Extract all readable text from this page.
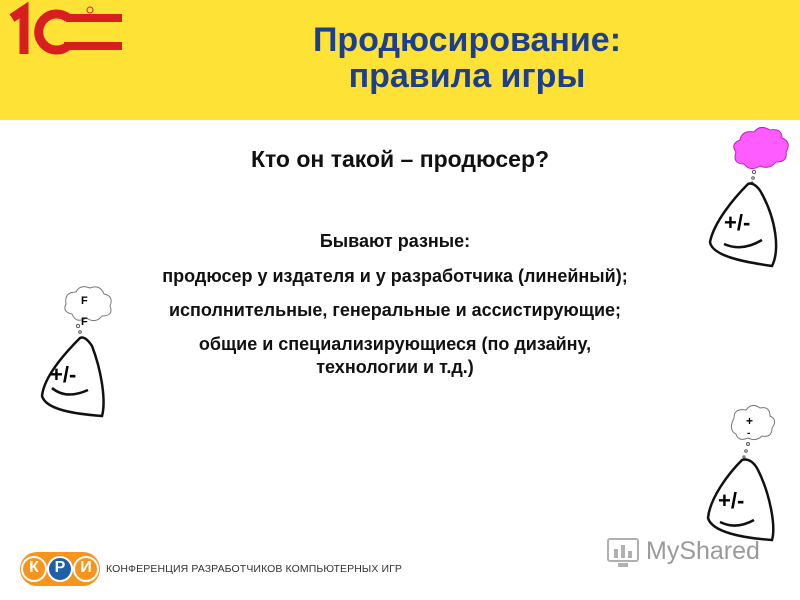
Продюсирование:
правила игры
Кто он такой – продюсер?
Бывают разные:
продюсер у издателя и у разработчика (линейный);
исполнительные, генеральные и ассистирующие;
общие и специализирующиеся (по дизайну, технологии и т.д.)
F
F
+/-
+/-
+
-
+/-
К Р И КОНФЕРЕНЦИЯ РАЗРАБОТЧИКОВ КОМПЬЮТЕРНЫХ ИГР
MyShared
